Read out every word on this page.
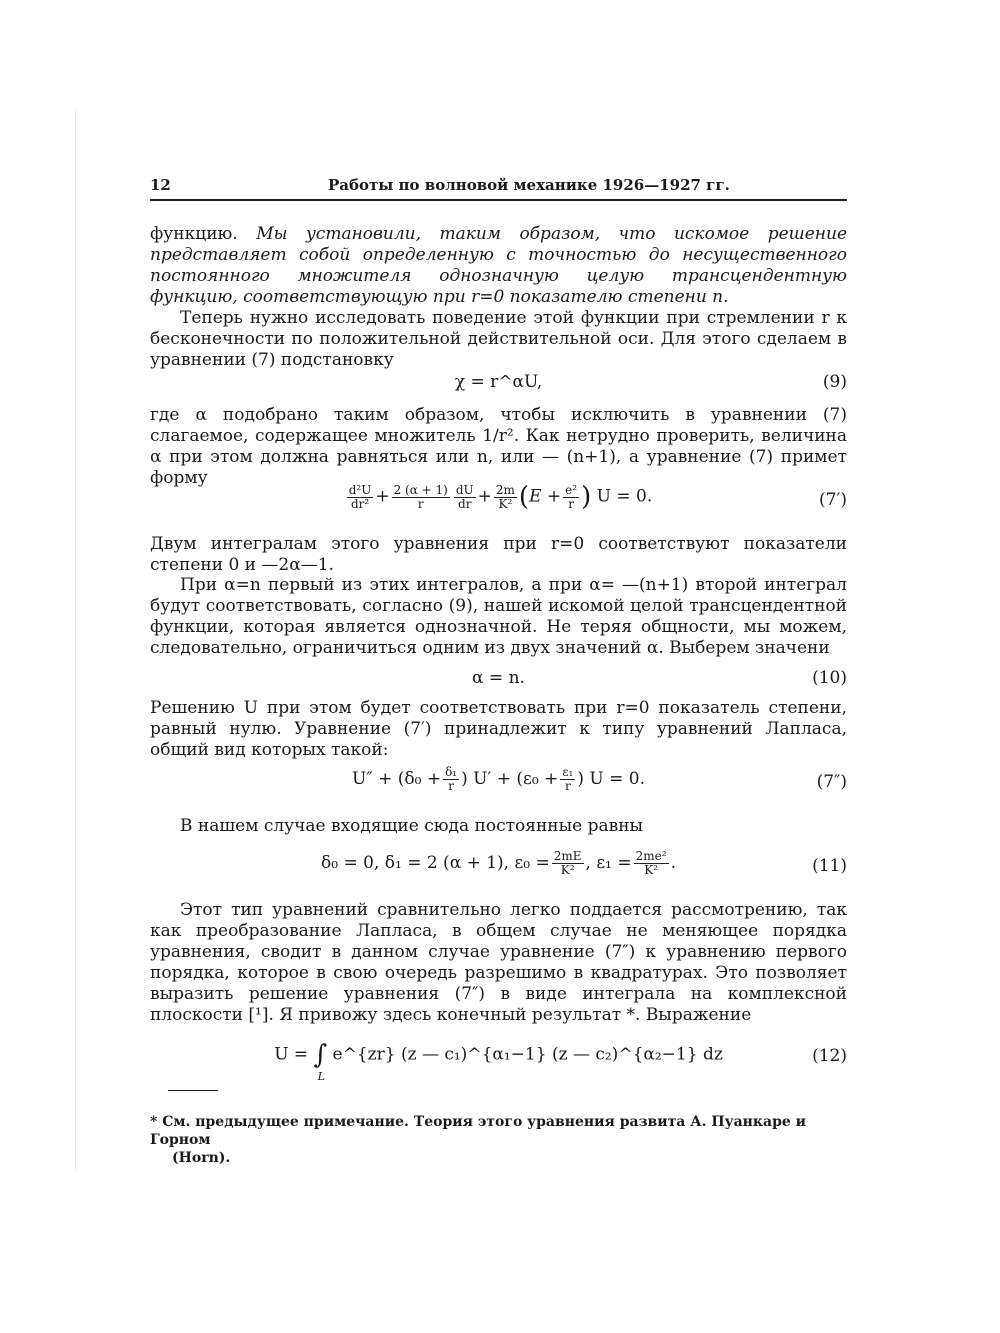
12	Работы по волновой механике 1926—1927 гг.
функцию. Мы установили, таким образом, что искомое решение представляет собой определенную с точностью до несущественного постоянного множителя однозначную целую трансцендентную функцию, соответствующую при r=0 показателю степени n.
Теперь нужно исследовать поведение этой функции при стремлении r к бесконечности по положительной действительной оси. Для этого сделаем в уравнении (7) подстановку
χ = r^αU,	(9)
где α подобрано таким образом, чтобы исключить в уравнении (7) слагаемое, содержащее множитель 1/r². Как нетрудно проверить, величина α при этом должна равняться или n, или — (n+1), а уравнение (7) примет форму
$\frac{\text{d²U}}{\text{dr²}} + \frac{2 (\alpha + 1)}{r} \frac{dU}{dr} + \frac{2m}{\text{K²}} (E + \frac{\text{e²}}{r}$ ) U = 0.	(7′)
Двум интегралам этого уравнения при r=0 соответствуют показатели степени 0 и —2α—1.
При α=n первый из этих интегралов, а при α= —(n+1) второй интеграл будут соответствовать, согласно (9), нашей искомой целой трансцендентной функции, которая является однозначной. Не теряя общности, мы можем, следовательно, ограничиться одним из двух значений α. Выберем значени
α = n.	(10)
Решению U при этом будет соответствовать при r=0 показатель степени, равный нулю. Уравнение (7′) принадлежит к типу уравнений Лапласа, общий вид которых такой:
$U'' + (\delta_0 + \frac{\text{δ₁}}{r}$ ) $U' + (\varepsilon_0 + \frac{\text{ε₁}}{r}$ ) U = 0.	(7″)
В нашем случае входящие сюда постоянные равны
δ₀ = 0, δ₁ = 2 (α + 1), $\varepsilon_0 = \frac{2mE}{\text{K²}}$ , $\varepsilon_1 = \frac{\text{2me²}}{\text{K²}}$ .	(11)
Этот тип уравнений сравнительно легко поддается рассмотрению, так как преобразование Лапласа, в общем случае не меняющее порядка уравнения, сводит в данном случае уравнение (7″) к уравнению первого порядка, которое в свою очередь разрешимо в квадратурах. Это позволяет выразить решение уравнения (7″) в виде интеграла на комплексной плоскости [¹]. Я привожу здесь конечный результат *. Выражение
U = ∫
L
e^{zr} (z — c₁)^{α₁−1} (z — c₂)^{α₂−1} dz	(12)
* См. предыдущее примечание. Теория этого уравнения развита А. Пуанкаре и Горном
(Horn).
